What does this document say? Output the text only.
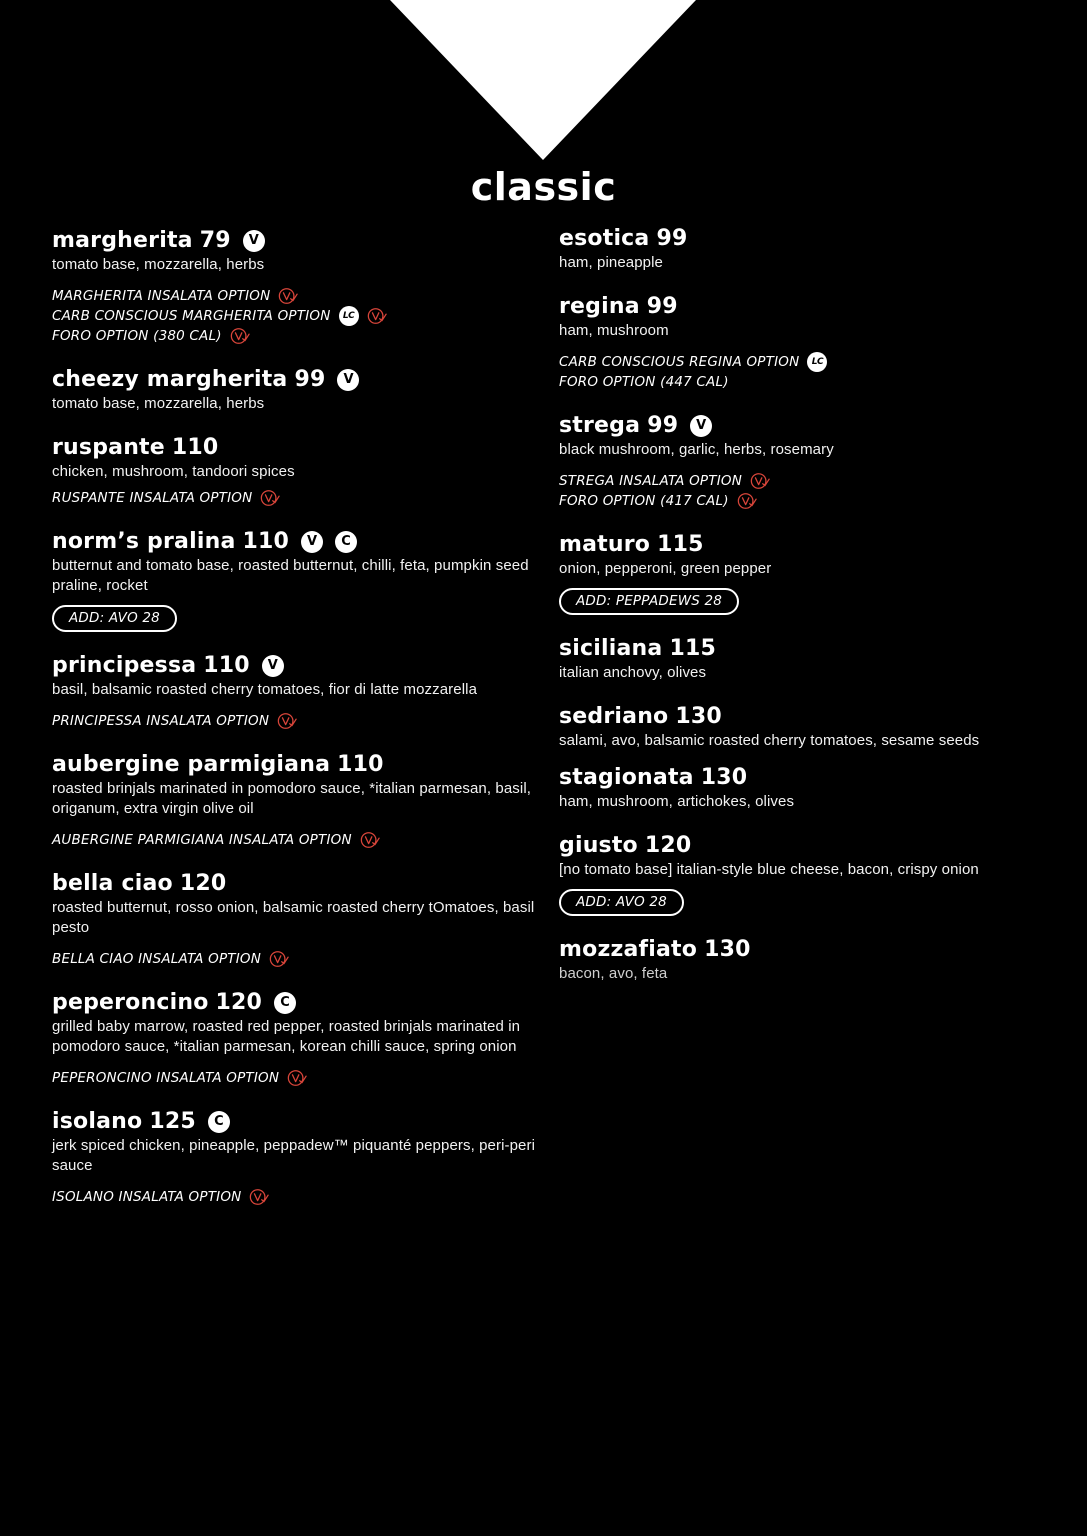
classic
margherita 79	V
tomato base, mozzarella, herbs
MARGHERITA INSALATA OPTION
CARB CONSCIOUS MARGHERITA OPTION	LC
FORO OPTION (380 CAL)
cheezy margherita 99	V
tomato base, mozzarella, herbs
ruspante 110
chicken, mushroom, tandoori spices
RUSPANTE INSALATA OPTION
norm’s pralina 110	V	C
butternut and tomato base, roasted butternut, chilli, feta, pumpkin seed praline, rocket
ADD: AVO 28
principessa 110	V
basil, balsamic roasted cherry tomatoes, fior di latte mozzarella
PRINCIPESSA INSALATA OPTION
aubergine parmigiana 110
roasted brinjals marinated in pomodoro sauce, *italian parmesan, basil, origanum, extra virgin olive oil
AUBERGINE PARMIGIANA INSALATA OPTION
bella ciao 120
roasted butternut, rosso onion, balsamic roasted cherry tOmatoes, basil pesto
BELLA CIAO INSALATA OPTION
peperoncino 120	C
grilled baby marrow, roasted red pepper, roasted brinjals marinated in pomodoro sauce, *italian parmesan, korean chilli sauce, spring onion
PEPERONCINO INSALATA OPTION
isolano 125	C
jerk spiced chicken, pineapple, peppadew™ piquanté peppers, peri-peri sauce
ISOLANO INSALATA OPTION
esotica 99
ham, pineapple
regina 99
ham, mushroom
CARB CONSCIOUS REGINA OPTION	LC
FORO OPTION (447 CAL)
strega 99	V
black mushroom, garlic, herbs, rosemary
STREGA INSALATA OPTION
FORO OPTION (417 CAL)
maturo 115
onion, pepperoni, green pepper
ADD: PEPPADEWS 28
siciliana 115
italian anchovy, olives
sedriano 130
salami, avo, balsamic roasted cherry tomatoes, sesame seeds
stagionata 130
ham, mushroom, artichokes, olives
giusto 120
[no tomato base] italian-style blue cheese, bacon, crispy onion
ADD: AVO 28
mozzafiato 130
bacon, avo, feta
